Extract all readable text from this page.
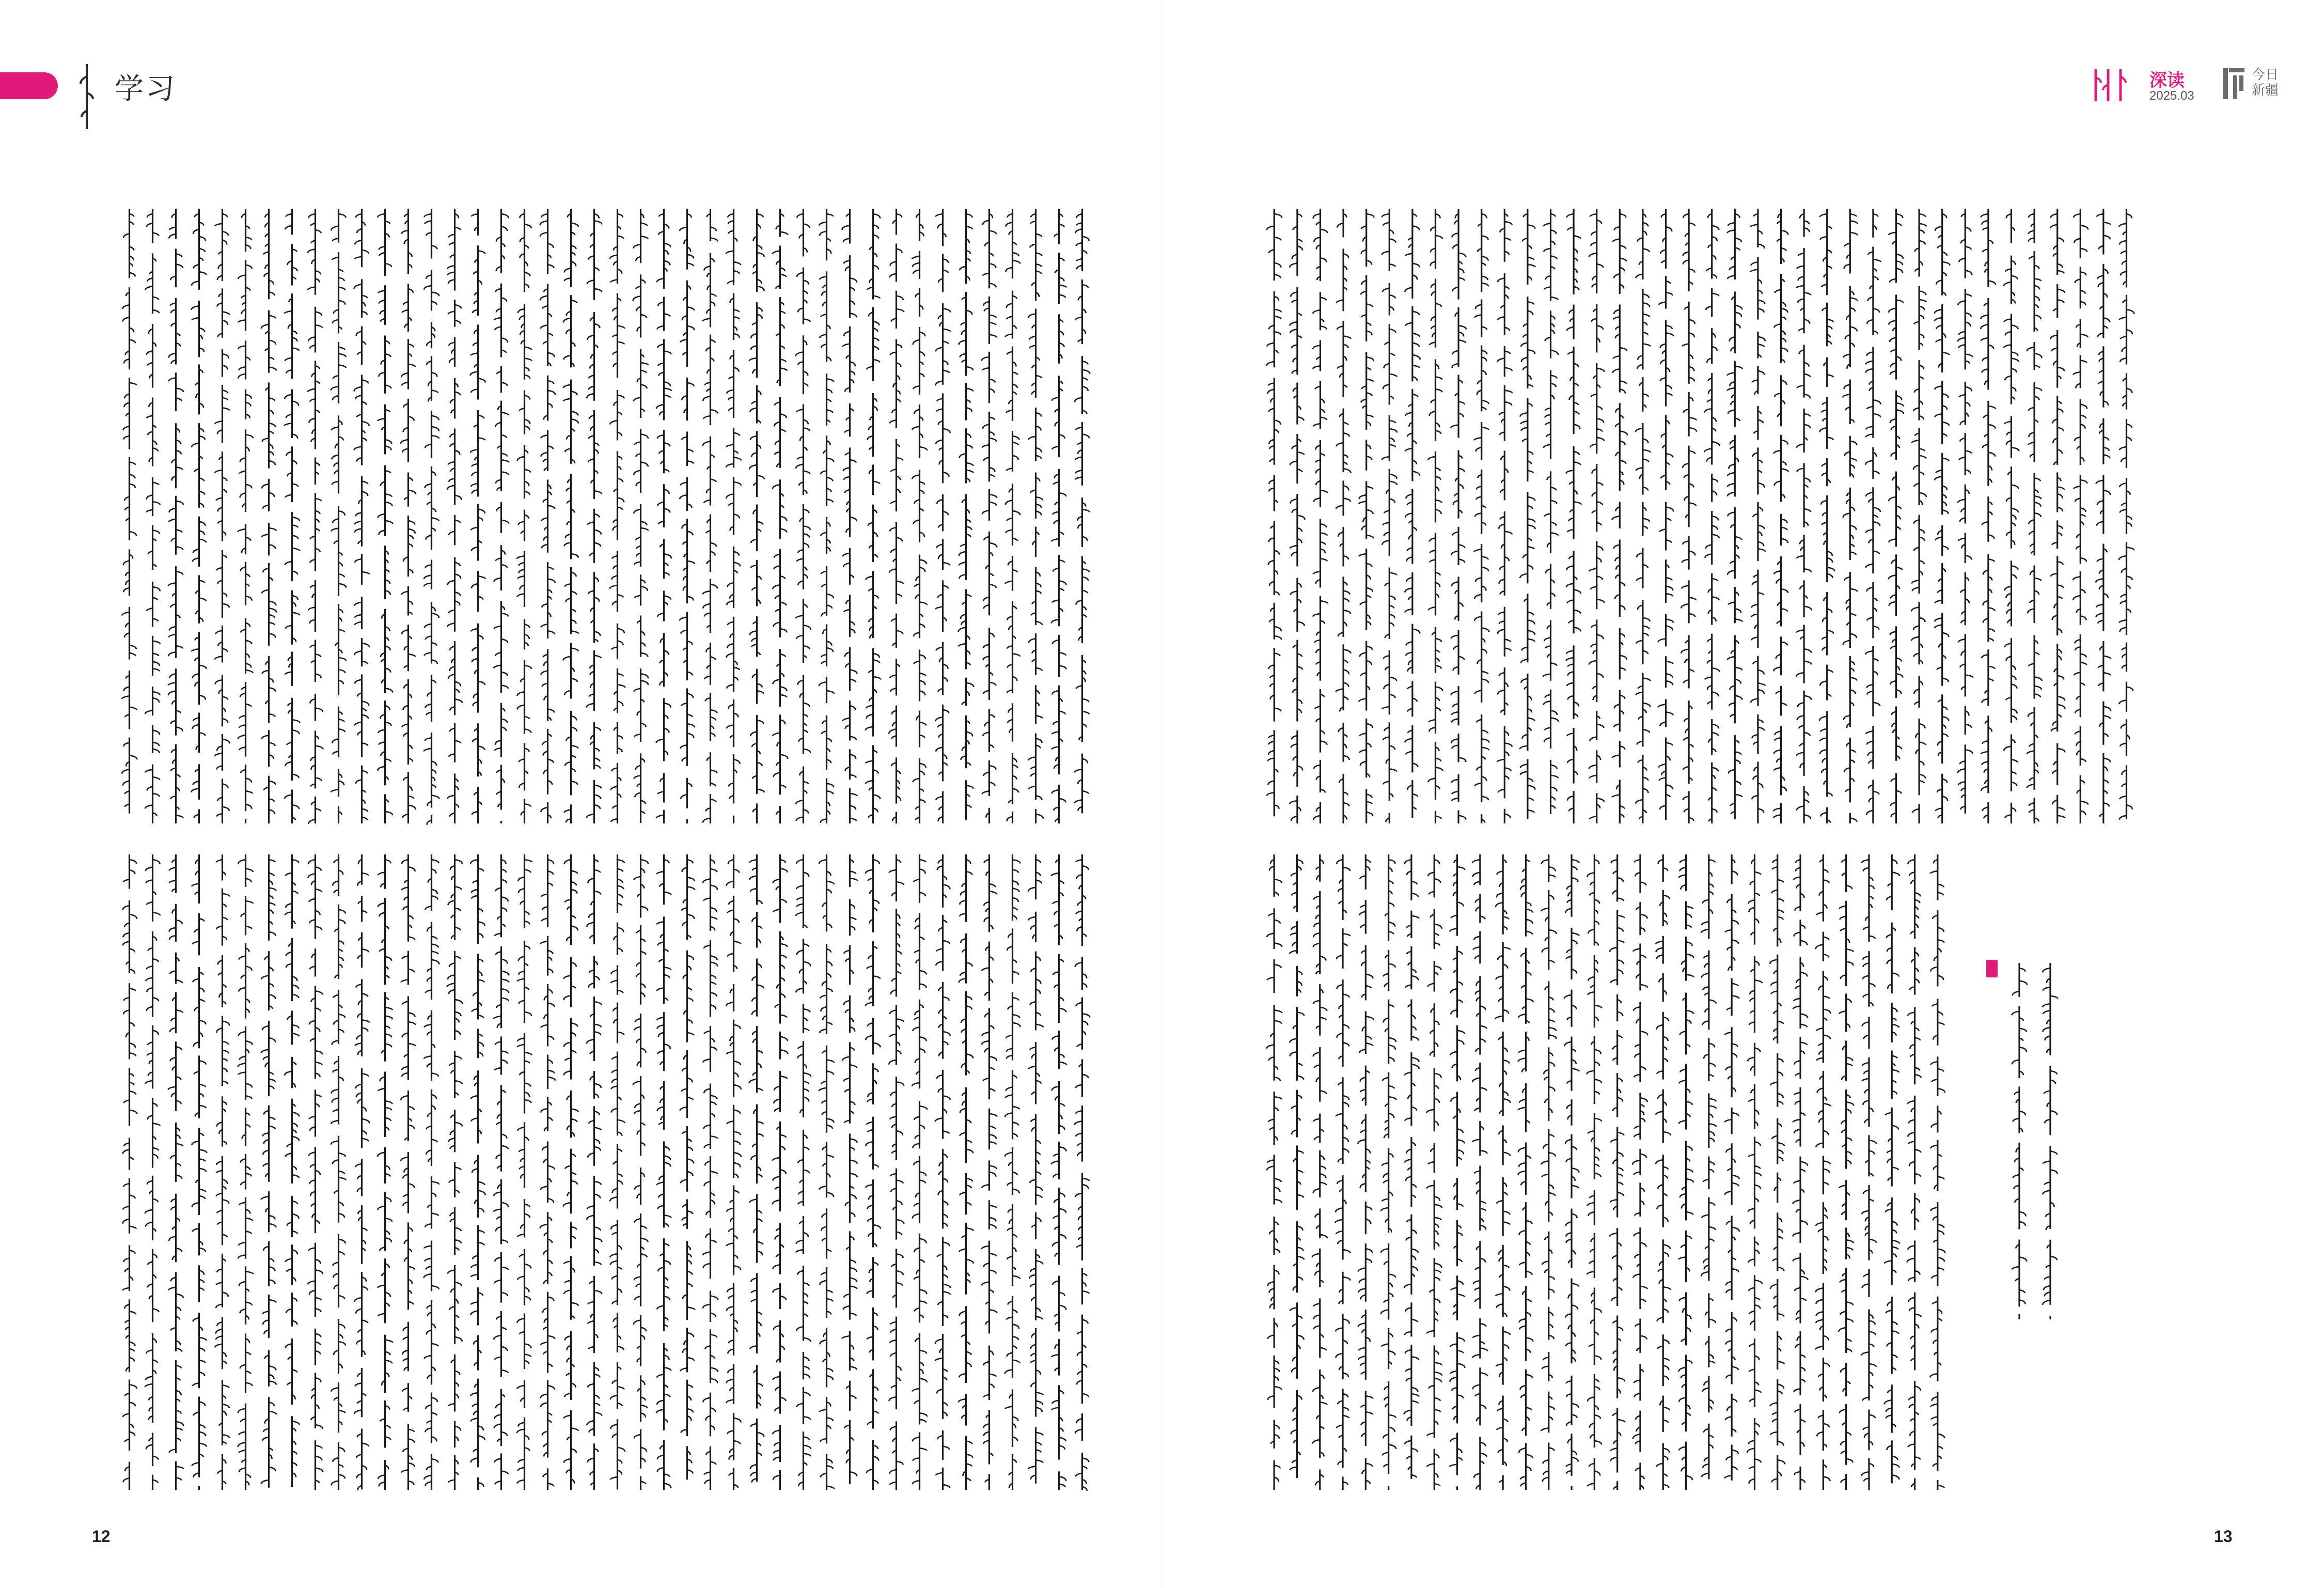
学习	深读
2025.03
今日
新疆
12	13
